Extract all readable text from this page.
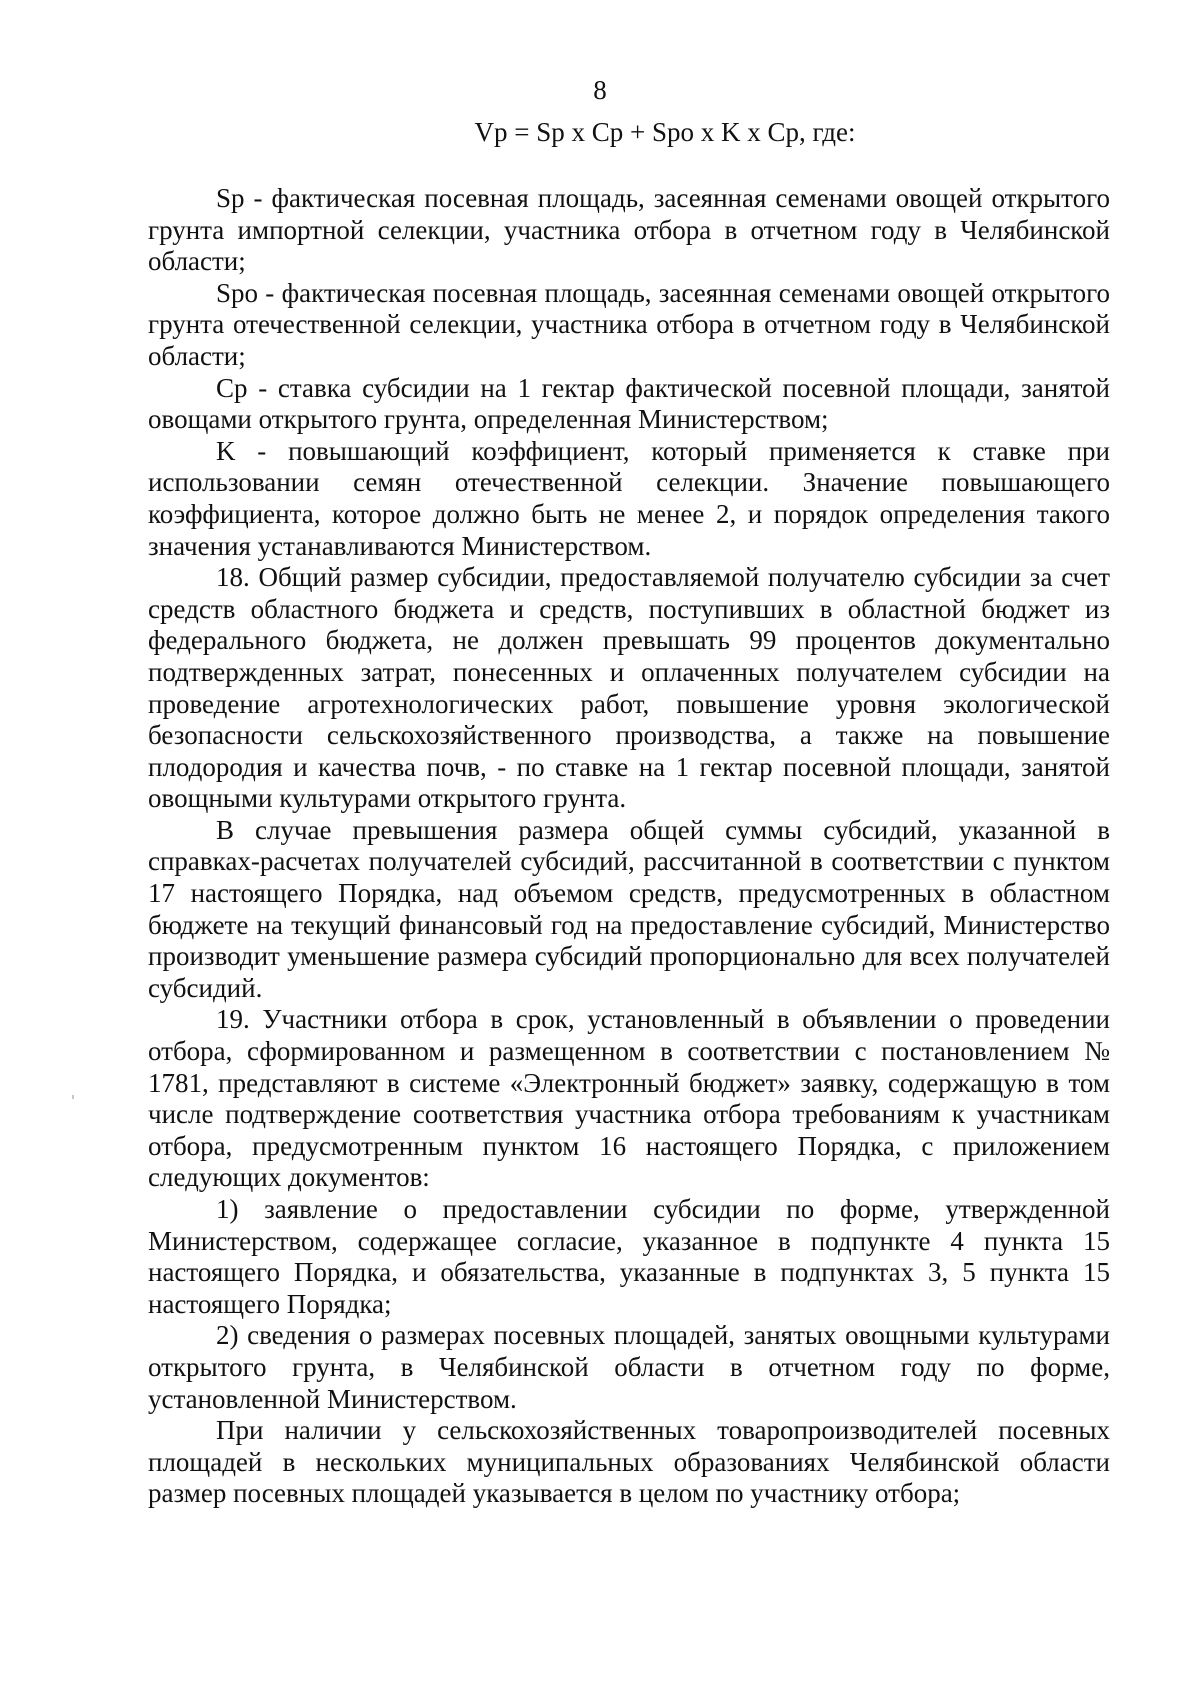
8
Vp = Sp x Cp + Spo x K x Cp, где:

Sp - фактическая посевная площадь, засеянная семенами овощей открытого грунта импортной селекции, участника отбора в отчетном году в Челябинской области;

Spo - фактическая посевная площадь, засеянная семенами овощей открытого грунта отечественной селекции, участника отбора в отчетном году в Челябинской области;

Cp - ставка субсидии на 1 гектар фактической посевной площади, занятой овощами открытого грунта, определенная Министерством;

K - повышающий коэффициент, который применяется к ставке при использовании семян отечественной селекции. Значение повышающего коэффициента, которое должно быть не менее 2, и порядок определения такого значения устанавливаются Министерством.

18. Общий размер субсидии, предоставляемой получателю субсидии за счет средств областного бюджета и средств, поступивших в областной бюджет из федерального бюджета, не должен превышать 99 процентов документально подтвержденных затрат, понесенных и оплаченных получателем субсидии на проведение агротехнологических работ, повышение уровня экологической безопасности сельскохозяйственного производства, а также на повышение плодородия и качества почв, - по ставке на 1 гектар посевной площади, занятой овощными культурами открытого грунта.

В случае превышения размера общей суммы субсидий, указанной в справках-расчетах получателей субсидий, рассчитанной в соответствии с пунктом 17 настоящего Порядка, над объемом средств, предусмотренных в областном бюджете на текущий финансовый год на предоставление субсидий, Министерство производит уменьшение размера субсидий пропорционально для всех получателей субсидий.

19. Участники отбора в срок, установленный в объявлении о проведении отбора, сформированном и размещенном в соответствии с постановлением № 1781, представляют в системе «Электронный бюджет» заявку, содержащую в том числе подтверждение соответствия участника отбора требованиям к участникам отбора, предусмотренным пунктом 16 настоящего Порядка, с приложением следующих документов:

1) заявление о предоставлении субсидии по форме, утвержденной Министерством, содержащее согласие, указанное в подпункте 4 пункта 15 настоящего Порядка, и обязательства, указанные в подпунктах 3, 5 пункта 15 настоящего Порядка;

2) сведения о размерах посевных площадей, занятых овощными культурами открытого грунта, в Челябинской области в отчетном году по форме, установленной Министерством.

При наличии у сельскохозяйственных товаропроизводителей посевных площадей в нескольких муниципальных образованиях Челябинской области размер посевных площадей указывается в целом по участнику отбора;
